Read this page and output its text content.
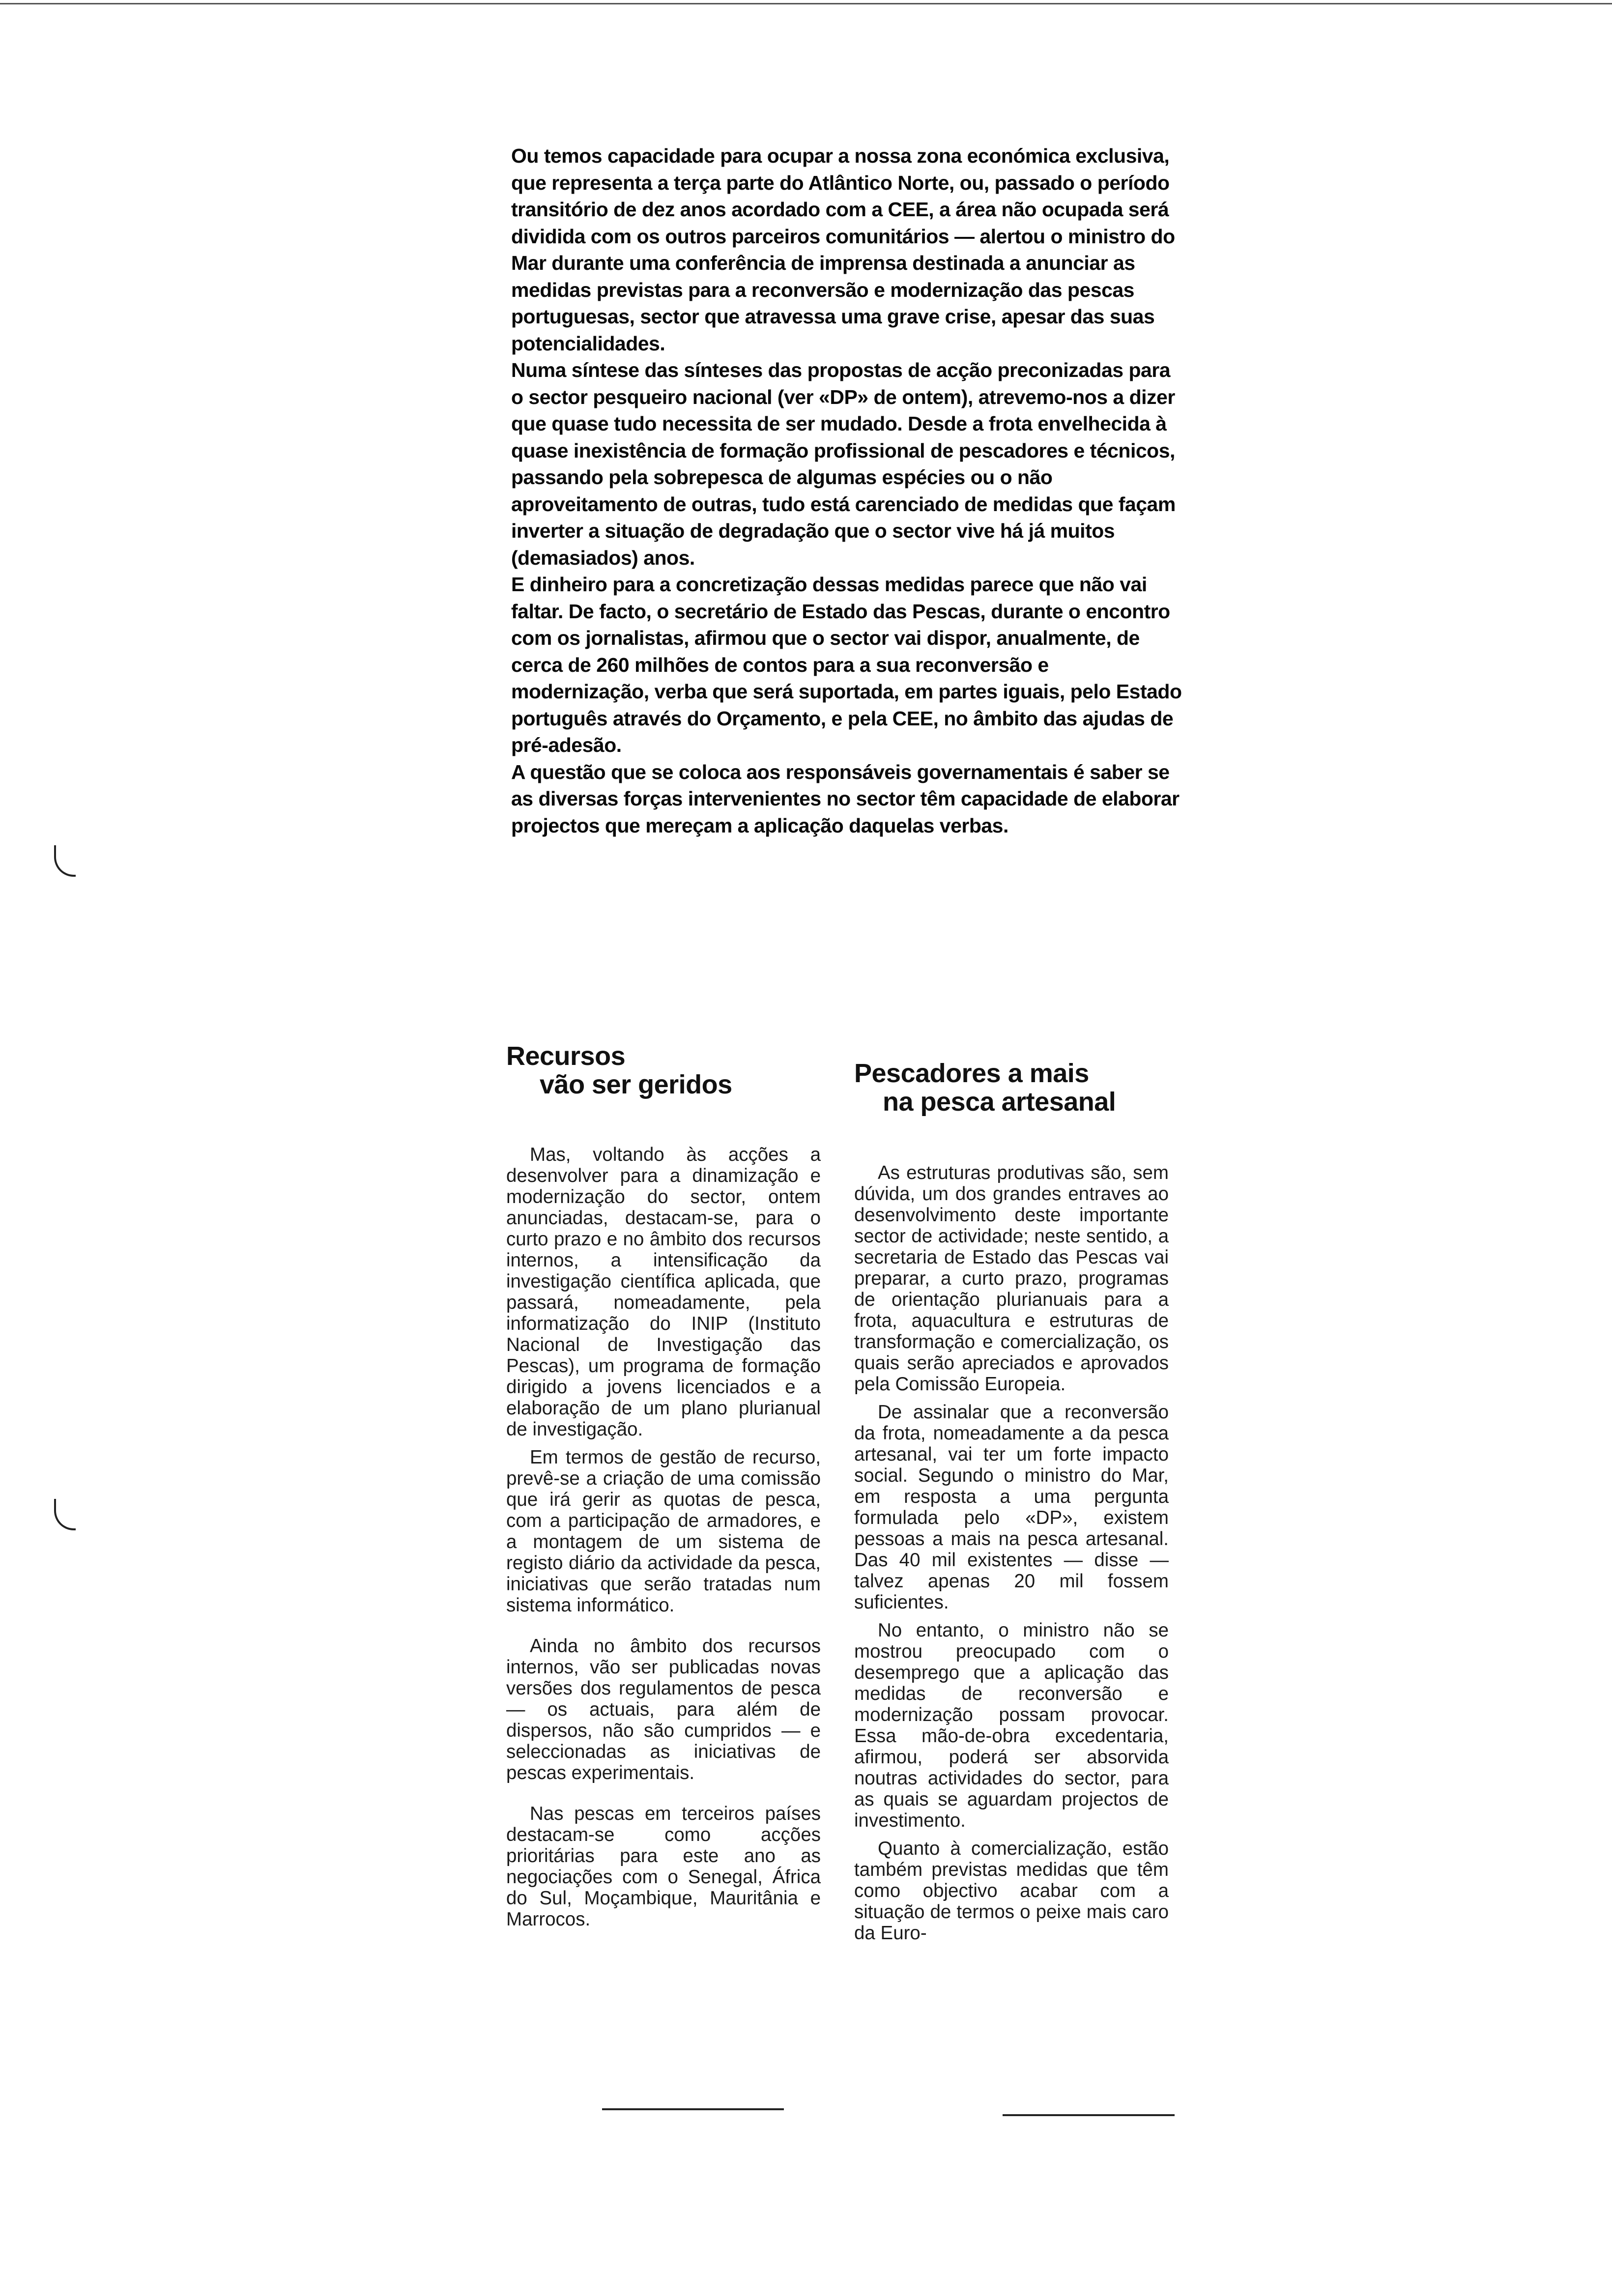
Ou temos capacidade para ocupar a nossa zona económica exclusiva, que representa a terça parte do Atlântico Norte, ou, passado o período transitório de dez anos acordado com a CEE, a área não ocupada será dividida com os outros parceiros comunitários — alertou o ministro do Mar durante uma conferência de imprensa destinada a anunciar as medidas previstas para a reconversão e modernização das pescas portuguesas, sector que atravessa uma grave crise, apesar das suas potencialidades.

Numa síntese das sínteses das propostas de acção preconizadas para o sector pesqueiro nacional (ver «DP» de ontem), atrevemo-nos a dizer que quase tudo necessita de ser mudado. Desde a frota envelhecida à quase inexistência de formação profissional de pescadores e técnicos, passando pela sobrepesca de algumas espécies ou o não aproveitamento de outras, tudo está carenciado de medidas que façam inverter a situação de degradação que o sector vive há já muitos (demasiados) anos.

E dinheiro para a concretização dessas medidas parece que não vai faltar. De facto, o secretário de Estado das Pescas, durante o encontro com os jornalistas, afirmou que o sector vai dispor, anualmente, de cerca de 260 milhões de contos para a sua reconversão e modernização, verba que será suportada, em partes iguais, pelo Estado português através do Orçamento, e pela CEE, no âmbito das ajudas de pré-adesão.

A questão que se coloca aos responsáveis governamentais é saber se as diversas forças intervenientes no sector têm capacidade de elaborar projectos que mereçam a aplicação daquelas verbas.

Recursos
vão ser geridos

Mas, voltando às acções a desenvolver para a dinamização e modernização do sector, ontem anunciadas, destacam-se, para o curto prazo e no âmbito dos recursos internos, a intensificação da investigação científica aplicada, que passará, nomeadamente, pela informatização do INIP (Instituto Nacional de Investigação das Pescas), um programa de formação dirigido a jovens licenciados e a elaboração de um plano plurianual de investigação.

Em termos de gestão de recurso, prevê-se a criação de uma comissão que irá gerir as quotas de pesca, com a participação de armadores, e a montagem de um sistema de registo diário da actividade da pesca, iniciativas que serão tratadas num sistema informático.

Ainda no âmbito dos recursos internos, vão ser publicadas novas versões dos regulamentos de pesca — os actuais, para além de dispersos, não são cumpridos — e seleccionadas as iniciativas de pescas experimentais.

Nas pescas em terceiros países destacam-se como acções prioritárias para este ano as negociações com o Senegal, África do Sul, Moçambique, Mauritânia e Marrocos.

Pescadores a mais
na pesca artesanal

As estruturas produtivas são, sem dúvida, um dos grandes entraves ao desenvolvimento deste importante sector de actividade; neste sentido, a secretaria de Estado das Pescas vai preparar, a curto prazo, programas de orientação plurianuais para a frota, aquacultura e estruturas de transformação e comercialização, os quais serão apreciados e aprovados pela Comissão Europeia.

De assinalar que a reconversão da frota, nomeadamente a da pesca artesanal, vai ter um forte impacto social. Segundo o ministro do Mar, em resposta a uma pergunta formulada pelo «DP», existem pessoas a mais na pesca artesanal. Das 40 mil existentes — disse — talvez apenas 20 mil fossem suficientes.

No entanto, o ministro não se mostrou preocupado com o desemprego que a aplicação das medidas de reconversão e modernização possam provocar. Essa mão-de-obra excedentaria, afirmou, poderá ser absorvida noutras actividades do sector, para as quais se aguardam projectos de investimento.

Quanto à comercialização, estão também previstas medidas que têm como objectivo acabar com a situação de termos o peixe mais caro da Euro-
